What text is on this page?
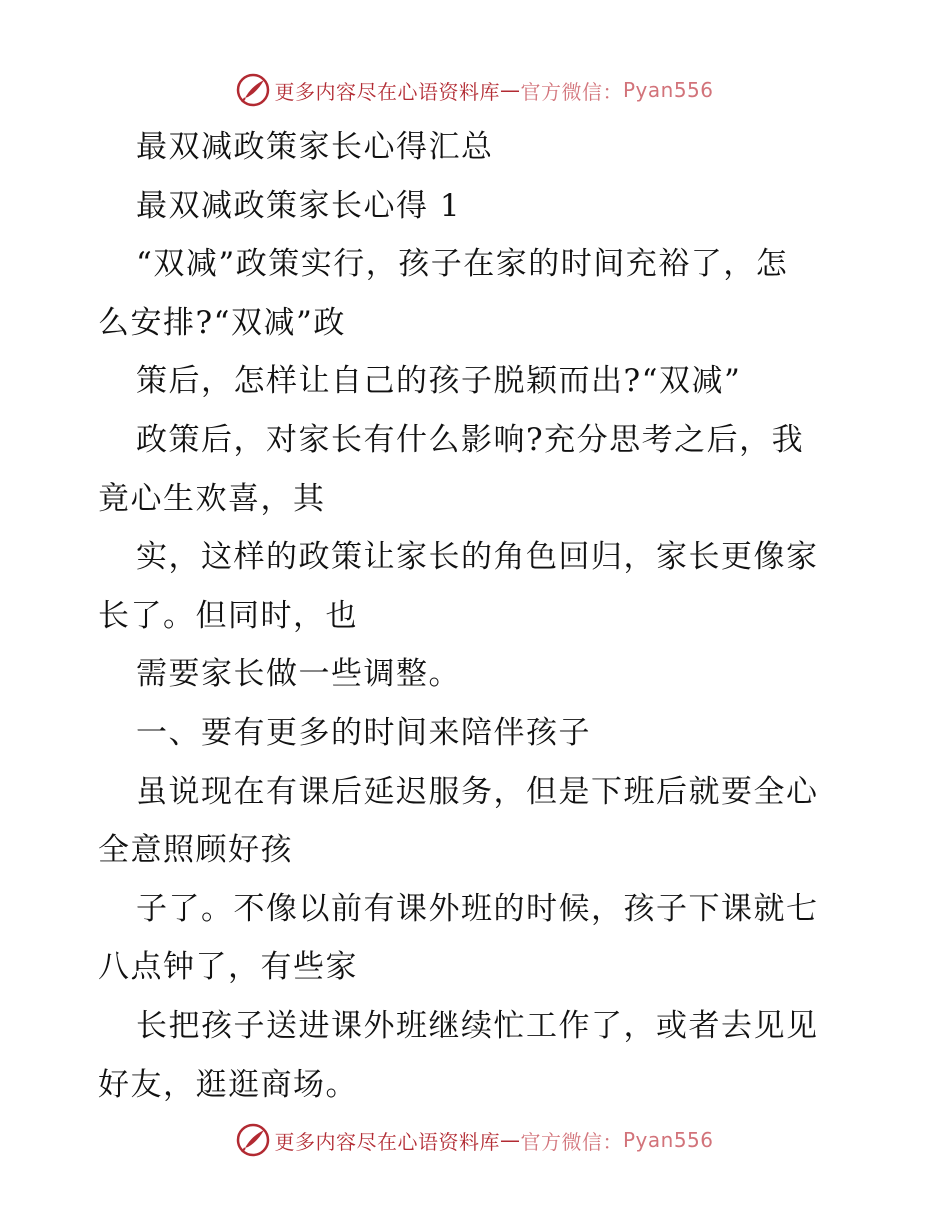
更多内容尽在心语资料库 — 官方微信： Pyan556
最双减政策家长心得汇总
最双减政策家长心得 1
“双减”政策实行，孩子在家的时间充裕了，怎
么安排?“双减”政
策后，怎样让自己的孩子脱颖而出?“双减”
政策后，对家长有什么影响?充分思考之后，我
竟心生欢喜，其
实，这样的政策让家长的角色回归，家长更像家
长了。但同时，也
需要家长做一些调整。
一、要有更多的时间来陪伴孩子
虽说现在有课后延迟服务，但是下班后就要全心
全意照顾好孩
子了。不像以前有课外班的时候，孩子下课就七
八点钟了，有些家
长把孩子送进课外班继续忙工作了，或者去见见
好友，逛逛商场。
更多内容尽在心语资料库 — 官方微信： Pyan556
